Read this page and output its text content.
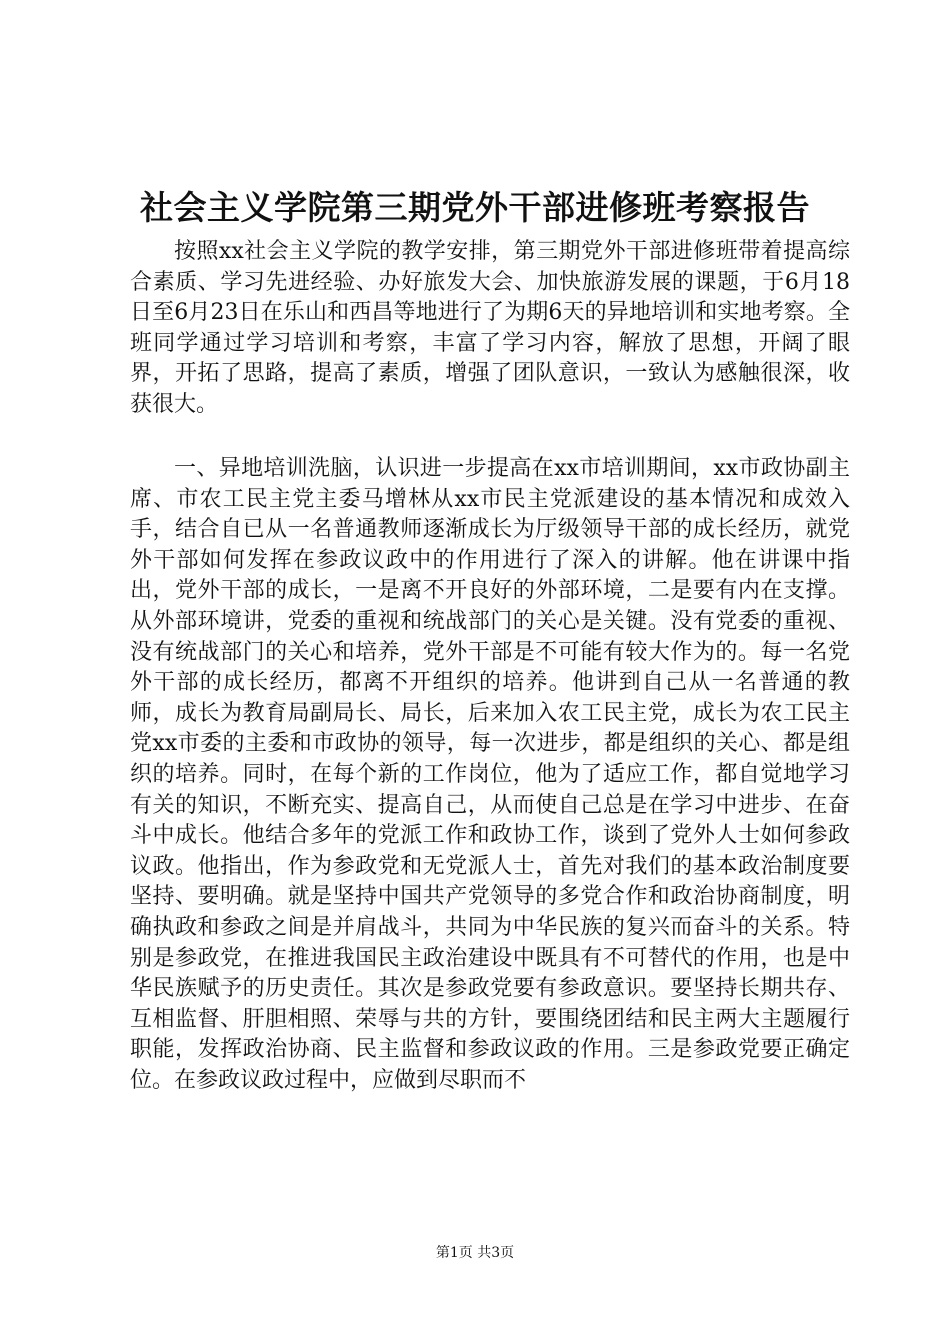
社会主义学院第三期党外干部进修班考察报告

按照xx社会主义学院的教学安排，第三期党外干部进修班带着提高综合素质、学习先进经验、办好旅发大会、加快旅游发展的课题，于6月18日至6月23日在乐山和西昌等地进行了为期6天的异地培训和实地考察。全班同学通过学习培训和考察，丰富了学习内容，解放了思想，开阔了眼界，开拓了思路，提高了素质，增强了团队意识，一致认为感触很深，收获很大。

一、异地培训洗脑，认识进一步提高在xx市培训期间，xx市政协副主席、市农工民主党主委马增林从xx市民主党派建设的基本情况和成效入手，结合自已从一名普通教师逐渐成长为厅级领导干部的成长经历，就党外干部如何发挥在参政议政中的作用进行了深入的讲解。他在讲课中指出，党外干部的成长，一是离不开良好的外部环境，二是要有内在支撑。从外部环境讲，党委的重视和统战部门的关心是关键。没有党委的重视、没有统战部门的关心和培养，党外干部是不可能有较大作为的。每一名党外干部的成长经历，都离不开组织的培养。他讲到自己从一名普通的教师，成长为教育局副局长、局长，后来加入农工民主党，成长为农工民主党xx市委的主委和市政协的领导，每一次进步，都是组织的关心、都是组织的培养。同时，在每个新的工作岗位，他为了适应工作，都自觉地学习有关的知识，不断充实、提高自己，从而使自己总是在学习中进步、在奋斗中成长。他结合多年的党派工作和政协工作，谈到了党外人士如何参政议政。他指出，作为参政党和无党派人士，首先对我们的基本政治制度要坚持、要明确。就是坚持中国共产党领导的多党合作和政治协商制度，明确执政和参政之间是并肩战斗，共同为中华民族的复兴而奋斗的关系。特别是参政党，在推进我国民主政治建设中既具有不可替代的作用，也是中华民族赋予的历史责任。其次是参政党要有参政意识。要坚持长期共存、互相监督、肝胆相照、荣辱与共的方针，要围绕团结和民主两大主题履行职能，发挥政治协商、民主监督和参政议政的作用。三是参政党要正确定位。在参政议政过程中，应做到尽职而不

第1页 共3页
